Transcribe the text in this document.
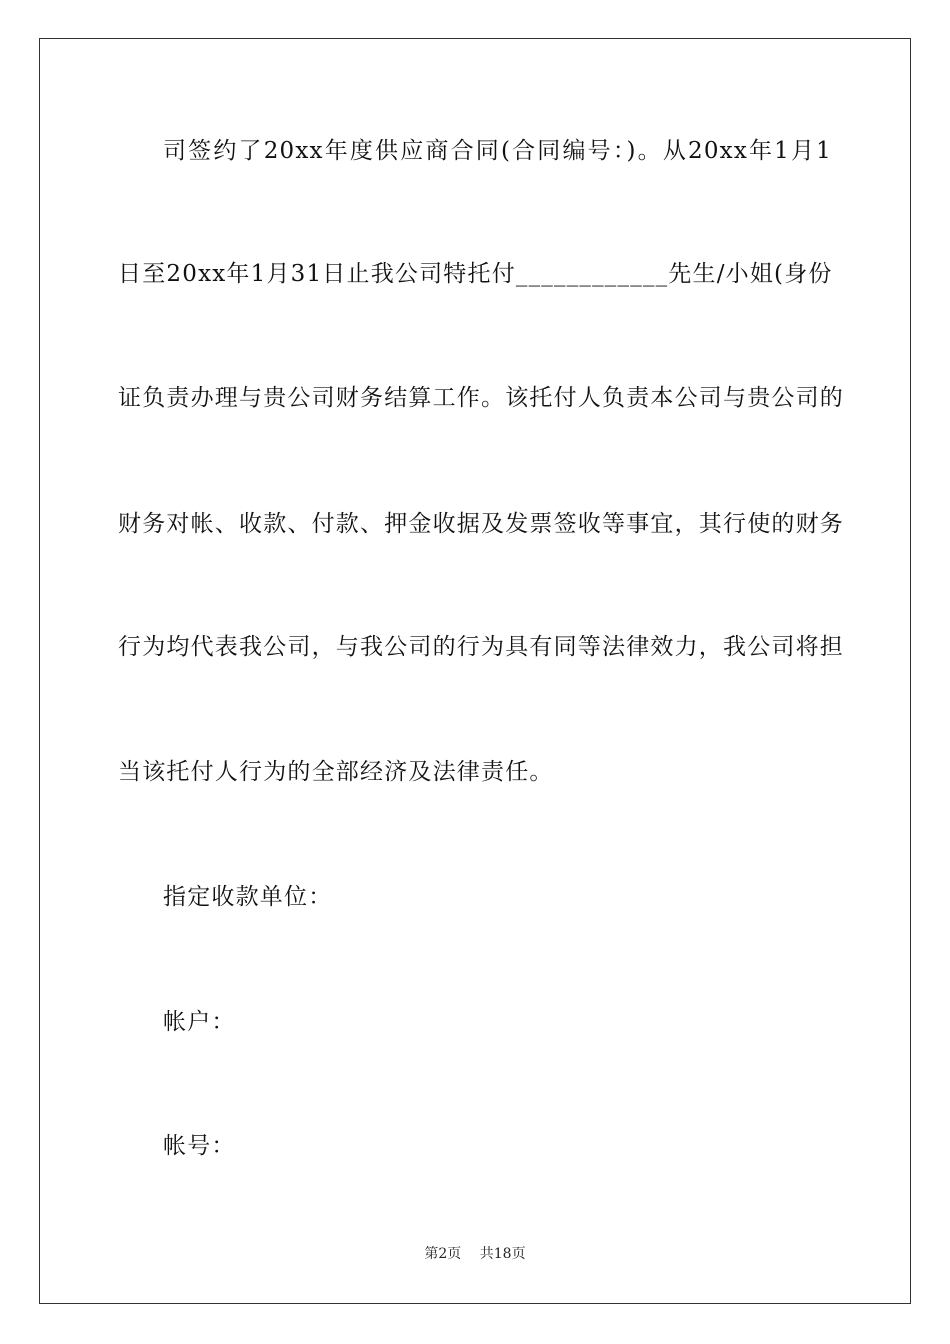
司签约了20xx年度供应商合同(合同编号：)。从20xx年1月1
日至20xx年1月31日止我公司特托付____________先生/小姐(身份
证负责办理与贵公司财务结算工作。该托付人负责本公司与贵公司的
财务对帐、收款、付款、押金收据及发票签收等事宜，其行使的财务
行为均代表我公司，与我公司的行为具有同等法律效力，我公司将担
当该托付人行为的全部经济及法律责任。
指定收款单位：
帐户：
帐号：
第2页 共18页
